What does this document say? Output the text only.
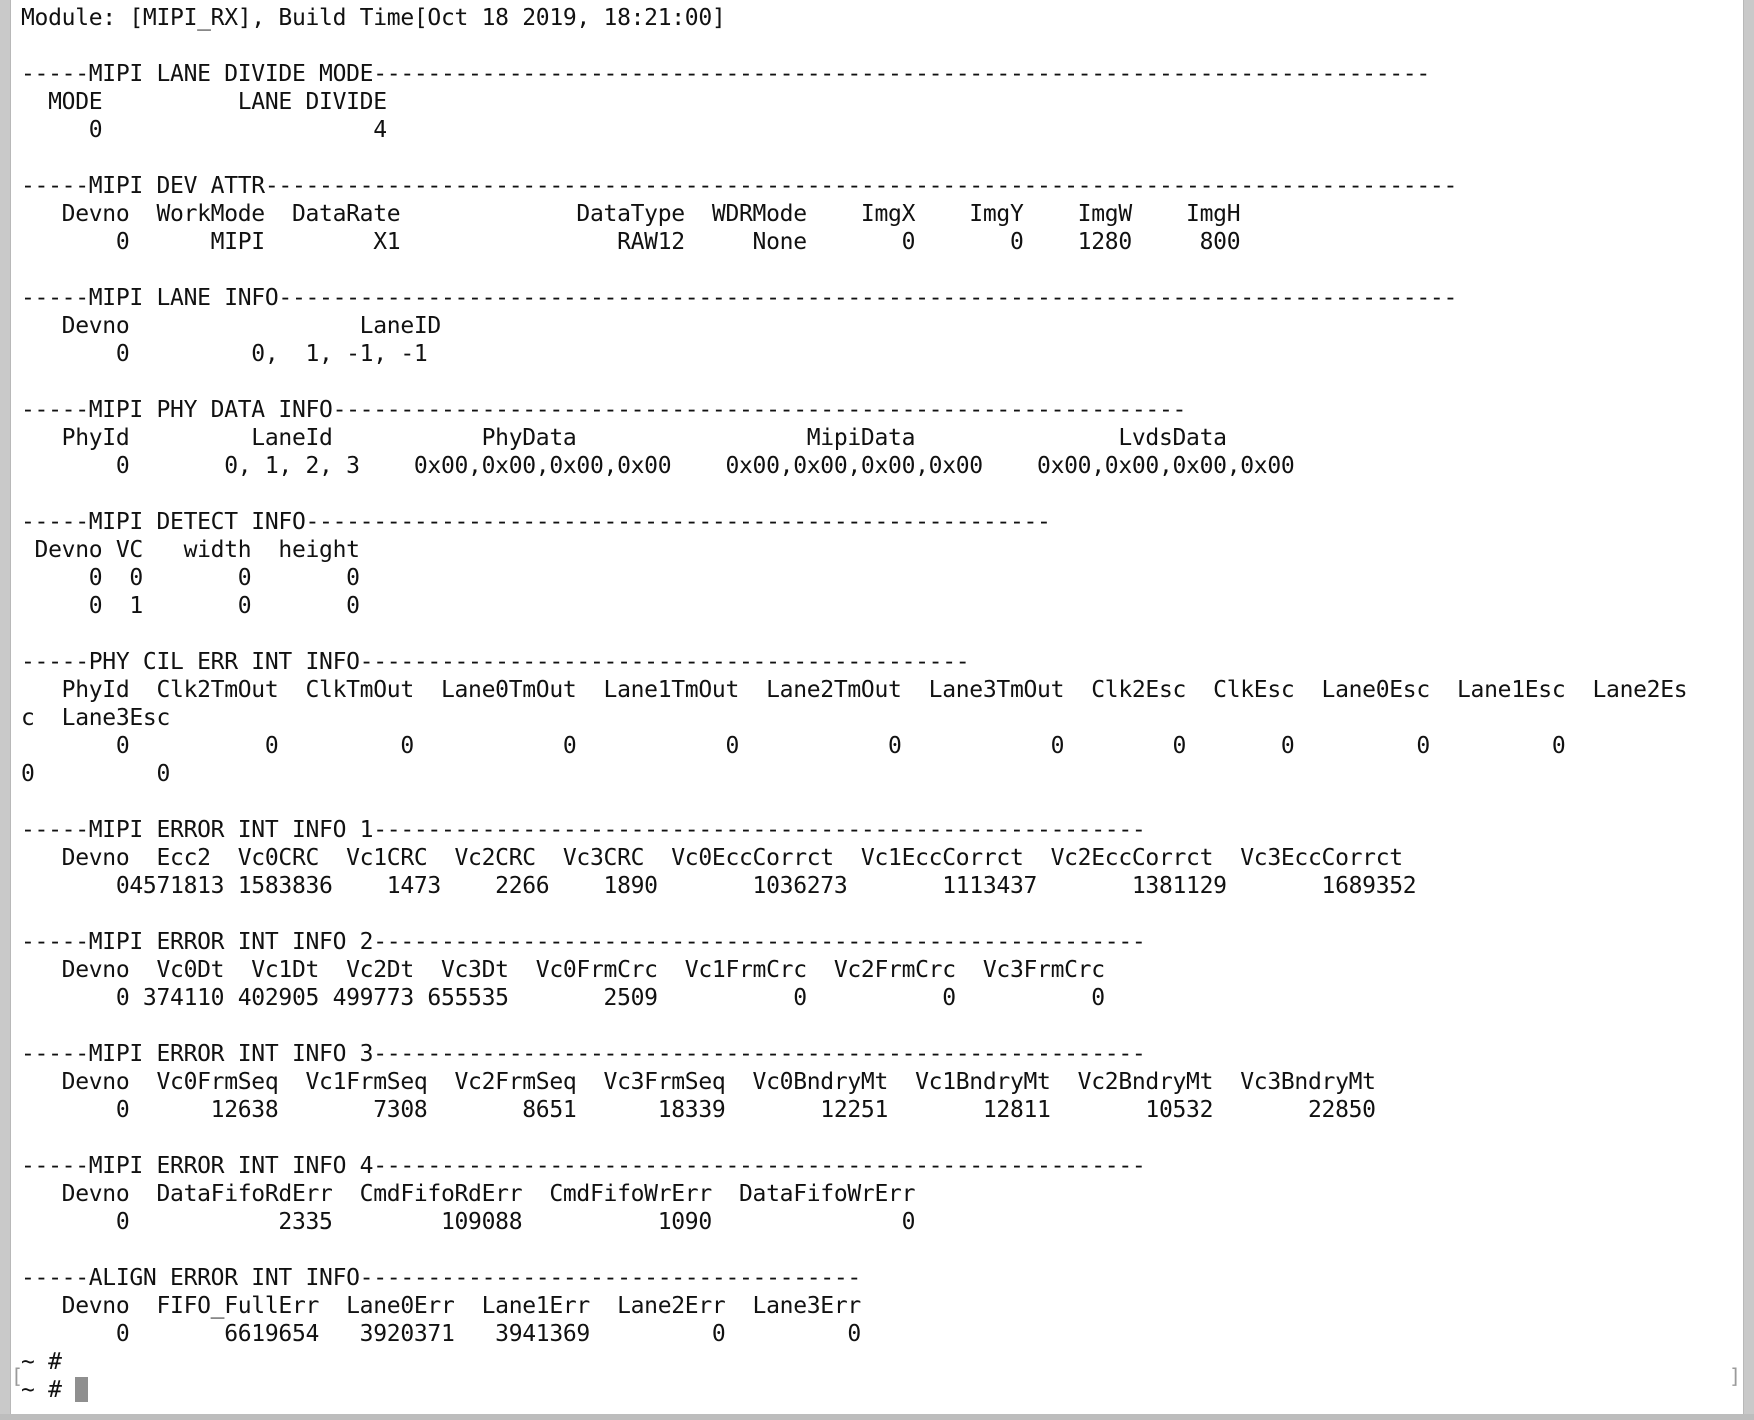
Module: [MIPI_RX], Build Time[Oct 18 2019, 18:21:00]
-----MIPI LANE DIVIDE MODE------------------------------------------------------------------------------
MODE          LANE DIVIDE
0                    4
-----MIPI DEV ATTR----------------------------------------------------------------------------------------
Devno  WorkMode  DataRate             DataType  WDRMode    ImgX    ImgY    ImgW    ImgH
0      MIPI        X1                RAW12     None       0       0    1280     800
-----MIPI LANE INFO---------------------------------------------------------------------------------------
Devno                 LaneID
0         0,  1, -1, -1
-----MIPI PHY DATA INFO---------------------------------------------------------------
PhyId         LaneId           PhyData                 MipiData               LvdsData
0       0, 1, 2, 3    0x00,0x00,0x00,0x00    0x00,0x00,0x00,0x00    0x00,0x00,0x00,0x00
-----MIPI DETECT INFO-------------------------------------------------------
Devno VC   width  height
0  0       0       0
0  1       0       0
-----PHY CIL ERR INT INFO---------------------------------------------
PhyId  Clk2TmOut  ClkTmOut  Lane0TmOut  Lane1TmOut  Lane2TmOut  Lane3TmOut  Clk2Esc  ClkEsc  Lane0Esc  Lane1Esc  Lane2Es
c  Lane3Esc
0          0         0           0           0           0           0        0       0         0         0
0         0
-----MIPI ERROR INT INFO 1---------------------------------------------------------
Devno  Ecc2  Vc0CRC  Vc1CRC  Vc2CRC  Vc3CRC  Vc0EccCorrct  Vc1EccCorrct  Vc2EccCorrct  Vc3EccCorrct
04571813 1583836    1473    2266    1890       1036273       1113437       1381129       1689352
-----MIPI ERROR INT INFO 2---------------------------------------------------------
Devno  Vc0Dt  Vc1Dt  Vc2Dt  Vc3Dt  Vc0FrmCrc  Vc1FrmCrc  Vc2FrmCrc  Vc3FrmCrc
0 374110 402905 499773 655535       2509          0          0          0
-----MIPI ERROR INT INFO 3---------------------------------------------------------
Devno  Vc0FrmSeq  Vc1FrmSeq  Vc2FrmSeq  Vc3FrmSeq  Vc0BndryMt  Vc1BndryMt  Vc2BndryMt  Vc3BndryMt
0      12638       7308       8651      18339       12251       12811       10532       22850
-----MIPI ERROR INT INFO 4---------------------------------------------------------
Devno  DataFifoRdErr  CmdFifoRdErr  CmdFifoWrErr  DataFifoWrErr
0           2335        109088          1090              0
-----ALIGN ERROR INT INFO-------------------------------------
Devno  FIFO_FullErr  Lane0Err  Lane1Err  Lane2Err  Lane3Err
0       6619654   3920371   3941369         0         0
~ #
~ #
[	]
